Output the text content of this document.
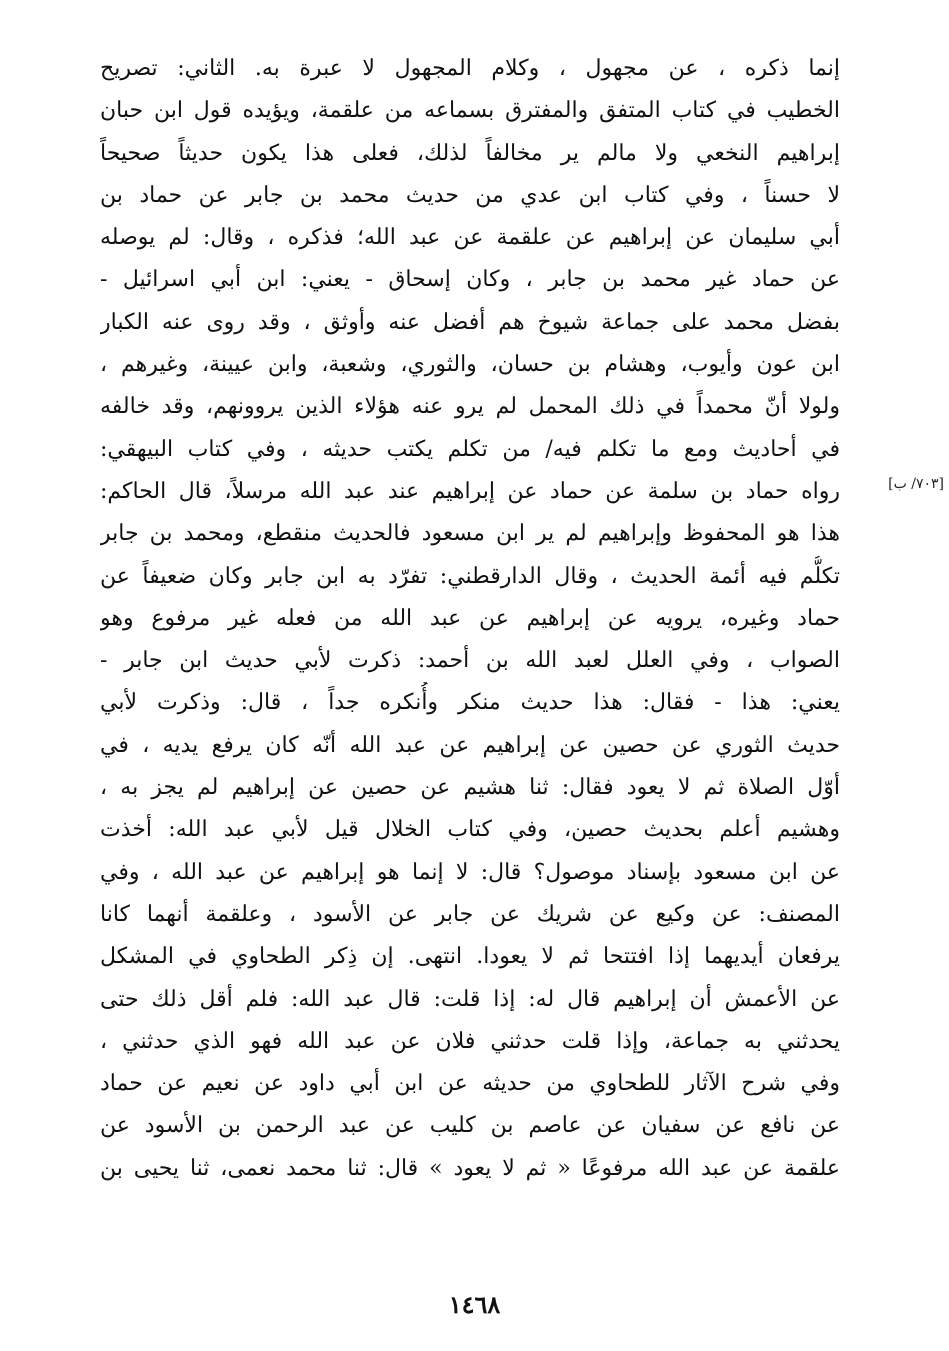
إنما ذكره ، عن مجهول ، وكلام المجهول لا عبرة به. الثاني: تصريح
الخطيب في كتاب المتفق والمفترق بسماعه من علقمة، ويؤيده قول ابن حبان
إبراهيم النخعي ولا مالم ير مخالفاً لذلك، فعلى هذا يكون حديثاً صحيحاً
لا حسناً ، وفي كتاب ابن عدي من حديث محمد بن جابر عن حماد بن
أبي سليمان عن إبراهيم عن علقمة عن عبد الله؛ فذكره ، وقال: لم يوصله
عن حماد غير محمد بن جابر ، وكان إسحاق - يعني: ابن أبي اسرائيل -
بفضل محمد على جماعة شيوخ هم أفضل عنه وأوثق ، وقد روى عنه الكبار
ابن عون وأيوب، وهشام بن حسان، والثوري، وشعبة، وابن عيينة، وغيرهم ،
ولولا أنّ محمداً في ذلك المحمل لم يرو عنه هؤلاء الذين يروونهم، وقد خالفه
في أحاديث ومع ما تكلم فيه/ من تكلم يكتب حديثه ، وفي كتاب البيهقي:
رواه حماد بن سلمة عن حماد عن إبراهيم عند عبد الله مرسلاً، قال الحاكم:
هذا هو المحفوظ وإبراهيم لم ير ابن مسعود فالحديث منقطع، ومحمد بن جابر
تكلُّم فيه أئمة الحديث ، وقال الدارقطني: تفرّد به ابن جابر وكان ضعيفاً عن
حماد وغيره، يرويه عن إبراهيم عن عبد الله من فعله غير مرفوع وهو
الصواب ، وفي العلل لعبد الله بن أحمد: ذكرت لأبي حديث ابن جابر -
يعني: هذا - فقال: هذا حديث منكر وأُنكره جداً ، قال: وذكرت لأبي
حديث الثوري عن حصين عن إبراهيم عن عبد الله أنّه كان يرفع يديه ، في
أوّل الصلاة ثم لا يعود فقال: ثنا هشيم عن حصين عن إبراهيم لم يجز به ،
وهشيم أعلم بحديث حصين، وفي كتاب الخلال قيل لأبي عبد الله: أخذت
عن ابن مسعود بإسناد موصول؟ قال: لا إنما هو إبراهيم عن عبد الله ، وفي
المصنف: عن وكيع عن شريك عن جابر عن الأسود ، وعلقمة أنهما كانا
يرفعان أيديهما إذا افتتحا ثم لا يعودا. انتهى. إن ذِكر الطحاوي في المشكل
عن الأعمش أن إبراهيم قال له: إذا قلت: قال عبد الله: فلم أقل ذلك حتى
يحدثني به جماعة، وإذا قلت حدثني فلان عن عبد الله فهو الذي حدثني ،
وفي شرح الآثار للطحاوي من حديثه عن ابن أبي داود عن نعيم عن حماد
عن نافع عن سفيان عن عاصم بن كليب عن عبد الرحمن بن الأسود عن
علقمة عن عبد الله مرفوعًا « ثم لا يعود » قال: ثنا محمد نعمى، ثنا يحيى بن
[٧٠٣/ ب]
١٤٦٨
